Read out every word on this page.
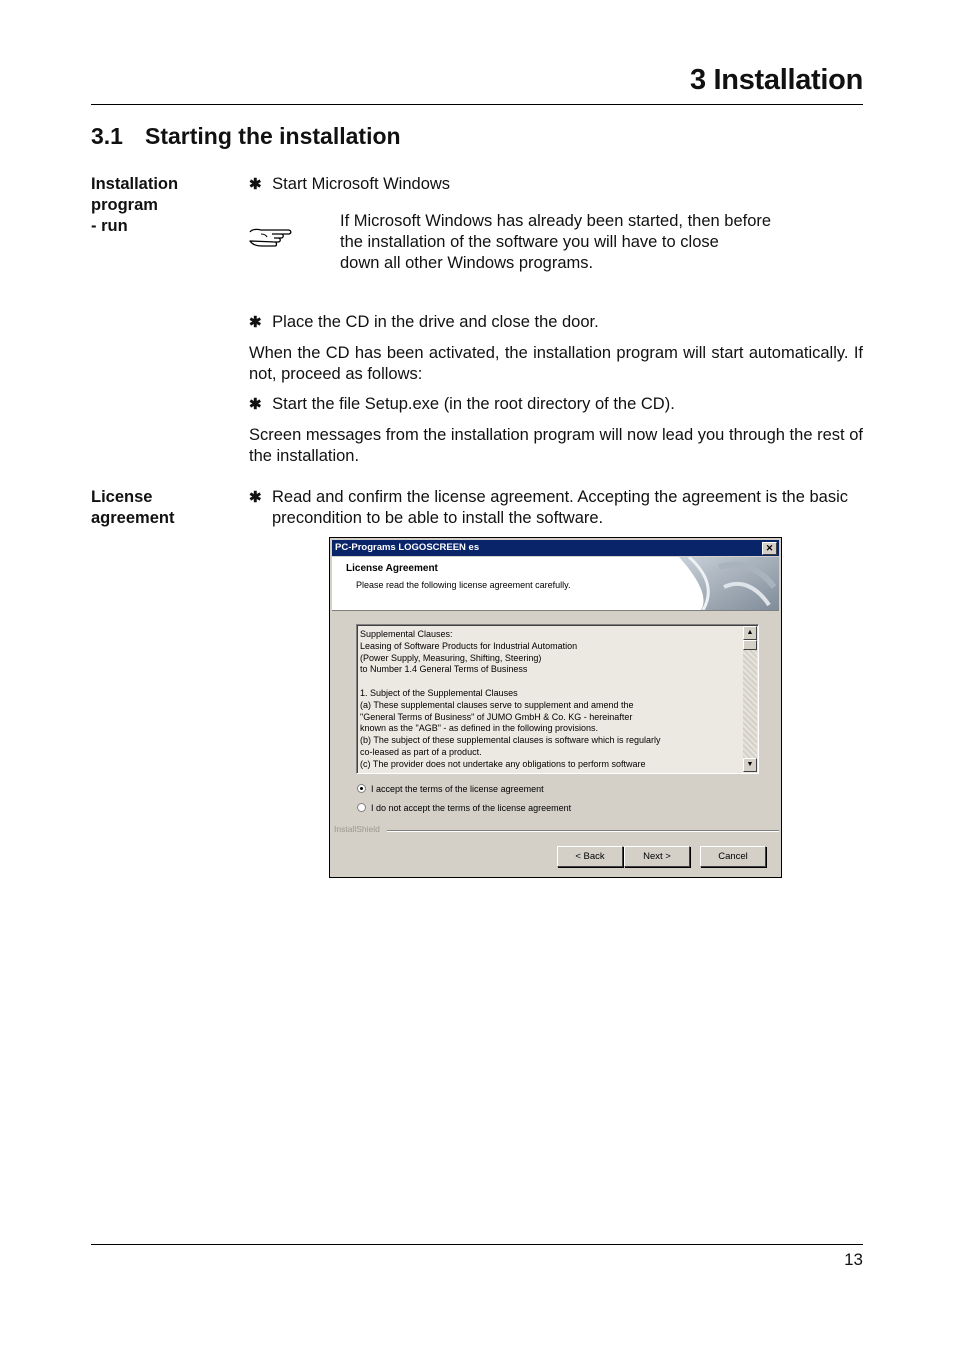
3 Installation
3.1 Starting the installation
Installation
program
- run
✱ Start Microsoft Windows
If Microsoft Windows has already been started, then before
the installation of the software you will have to close
down all other Windows programs.
✱ Place the CD in the drive and close the door.
When the CD has been activated, the installation program will start automatically. If not, proceed as follows:
✱ Start the file Setup.exe (in the root directory of the CD).
Screen messages from the installation program will now lead you through the rest of the installation.
License
agreement
✱ Read and confirm the license agreement. Accepting the agreement is the basic precondition to be able to install the software.
PC-Programs LOGOSCREEN es	✕
License Agreement
Please read the following license agreement carefully.
Supplemental Clauses:
Leasing of Software Products for Industrial Automation
(Power Supply, Measuring, Shifting, Steering)
to Number 1.4 General Terms of Business
1. Subject of the Supplemental Clauses
(a) These supplemental clauses serve to supplement and amend the
"General Terms of Business" of JUMO GmbH & Co. KG - hereinafter
known as the "AGB" - as defined in the following provisions.
(b) The subject of these supplemental clauses is software which is regularly
co-leased as part of a product.
(c) The provider does not undertake any obligations to perform software
▲
▼
I accept the terms of the license agreement
I do not accept the terms of the license agreement
InstallShield
< Back	Next >	Cancel
13
